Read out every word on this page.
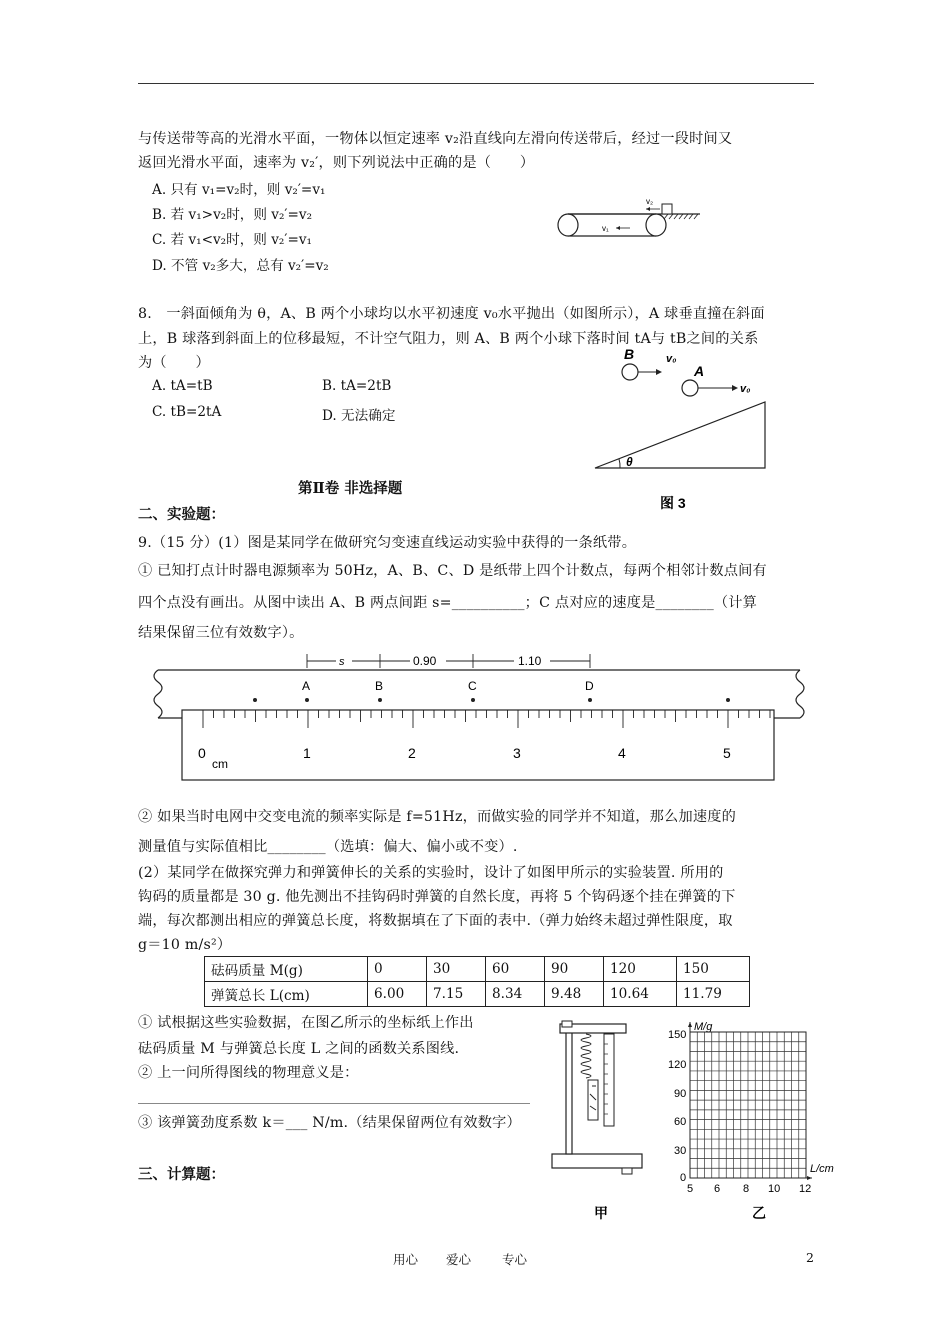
与传送带等高的光滑水平面，一物体以恒定速率 v₂沿直线向左滑向传送带后，经过一段时间又
返回光滑水平面，速率为 v₂′，则下列说法中正确的是（　　）
A. 只有 v₁=v₂时，则 v₂′=v₁
B. 若 v₁>v₂时，则 v₂′=v₂
C. 若 v₁<v₂时，则 v₂′=v₁
D. 不管 v₂多大，总有 v₂′=v₂
v₂
v₁
8.　一斜面倾角为 θ，A、B 两个小球均以水平初速度 v₀水平抛出（如图所示），A 球垂直撞在斜面
上，B 球落到斜面上的位移最短，不计空气阻力，则 A、B 两个小球下落时间 tA与 tB之间的关系
为（　　）
A. tA=tB	B. tA=2tB
C. tB=2tA	D. 无法确定
θ
B	v₀
A
v₀
图 3
第Ⅱ卷 非选择题
二、实验题：
9.（15 分）(1）图是某同学在做研究匀变速直线运动实验中获得的一条纸带。
① 已知打点计时器电源频率为 50Hz，A、B、C、D 是纸带上四个计数点，每两个相邻计数点间有
四个点没有画出。从图中读出 A、B 两点间距 s=__________；C 点对应的速度是________（计算
结果保留三位有效数字）。
A	B	C	D
s	0.90	1.10
0	1	2	3	4	5
cm
② 如果当时电网中交变电流的频率实际是 f=51Hz，而做实验的同学并不知道，那么加速度的
测量值与实际值相比________（选填：偏大、偏小或不变）.
(2）某同学在做探究弹力和弹簧伸长的关系的实验时，设计了如图甲所示的实验装置. 所用的
钩码的质量都是 30 g. 他先测出不挂钩码时弹簧的自然长度，再将 5 个钩码逐个挂在弹簧的下
端，每次都测出相应的弹簧总长度，将数据填在了下面的表中.（弹力始终未超过弹性限度，取
g＝10 m/s²）
砝码质量 M(g)	0	30	60	90	120	150
弹簧总长 L(cm)	6.00	7.15	8.34	9.48	10.64	11.79
① 试根据这些实验数据，在图乙所示的坐标纸上作出
砝码质量 M 与弹簧总长度 L 之间的函数关系图线.
② 上一问所得图线的物理意义是：
③ 该弹簧劲度系数 k＝___ N/m.（结果保留两位有效数字）
三、计算题：
甲
M/g
L/cm
150
120
90
60
30
0
5 6 8 10 12
乙
用心 爱心 专心	2
